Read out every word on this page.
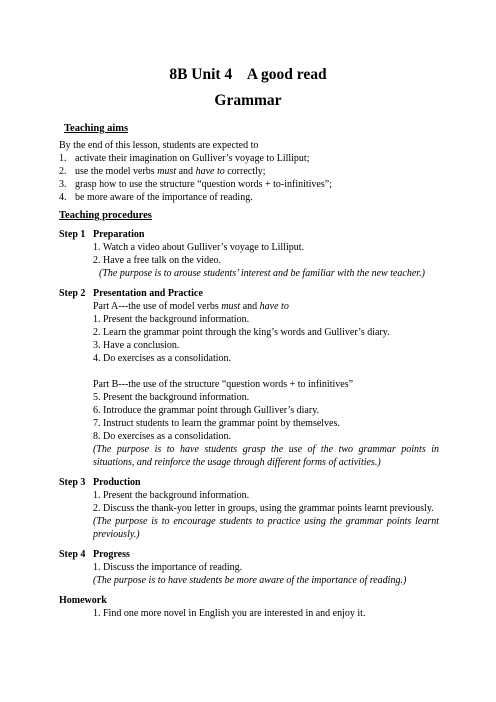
8B Unit 4    A good read
Grammar
Teaching aims
By the end of this lesson, students are expected to
1. activate their imagination on Gulliver’s voyage to Lilliput;
2. use the model verbs must and have to correctly;
3. grasp how to use the structure “question words + to-infinitives”;
4. be more aware of the importance of reading.
Teaching procedures
Step 1 Preparation
1. Watch a video about Gulliver’s voyage to Lilliput.
2. Have a free talk on the video.
(The purpose is to arouse students’ interest and be familiar with the new teacher.)
Step 2 Presentation and Practice
Part A---the use of model verbs must and have to
1. Present the background information.
2. Learn the grammar point through the king’s words and Gulliver’s diary.
3. Have a conclusion.
4. Do exercises as a consolidation.
Part B---the use of the structure “question words + to infinitives”
5. Present the background information.
6. Introduce the grammar point through Gulliver’s diary.
7. Instruct students to learn the grammar point by themselves.
8. Do exercises as a consolidation.
(The purpose is to have students grasp the use of the two grammar points in situations, and reinforce the usage through different forms of activities.)
Step 3 Production
1. Present the background information.
2. Discuss the thank-you letter in groups, using the grammar points learnt previously.
(The purpose is to encourage students to practice using the grammar points learnt previously.)
Step 4 Progress
1. Discuss the importance of reading.
(The purpose is to have students be more aware of the importance of reading.)
Homework
1. Find one more novel in English you are interested in and enjoy it.
